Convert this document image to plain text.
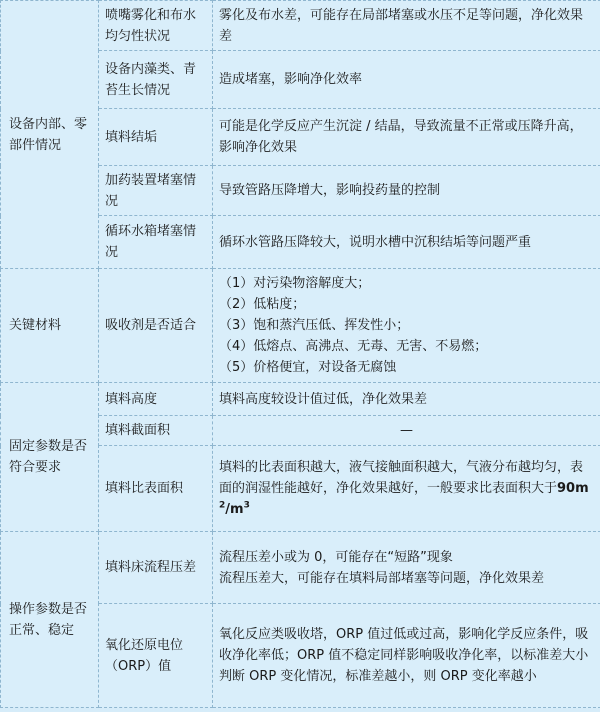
设备内部、零部件情况	喷嘴雾化和布水均匀性状况	雾化及布水差，可能存在局部堵塞或水压不足等问题，净化效果差
	设备内藻类、青苔生长情况	造成堵塞，影响净化效率
	填料结垢	可能是化学反应产生沉淀 / 结晶，导致流量不正常或压降升高，影响净化效果
	加药装置堵塞情况	导致管路压降增大，影响投药量的控制
	循环水箱堵塞情况	循环水管路压降较大，说明水槽中沉积结垢等问题严重
关键材料	吸收剂是否适合	（1）对污染物溶解度大；
（2）低粘度；
（3）饱和蒸汽压低、挥发性小；
（4）低熔点、高沸点、无毒、无害、不易燃；
（5）价格便宜，对设备无腐蚀

固定参数是否符合要求	填料高度	填料高度较设计值过低，净化效果差
	填料截面积	—
	填料比表面积	填料的比表面积越大，液气接触面积越大，气液分布越均匀，表面的润湿性能越好，净化效果越好，一般要求比表面积大于$90m^2/m^3$
操作参数是否正常、稳定	填料床流程压差	流程压差小或为 0，可能存在“短路”现象
流程压差大，可能存在填料局部堵塞等问题，净化效果差

	氧化还原电位（ORP）值	氧化反应类吸收塔，ORP 值过低或过高，影响化学反应条件，吸收净化率低；ORP 值不稳定同样影响吸收净化率，以标准差大小判断 ORP 变化情况，标准差越小，则 ORP 变化率越小
